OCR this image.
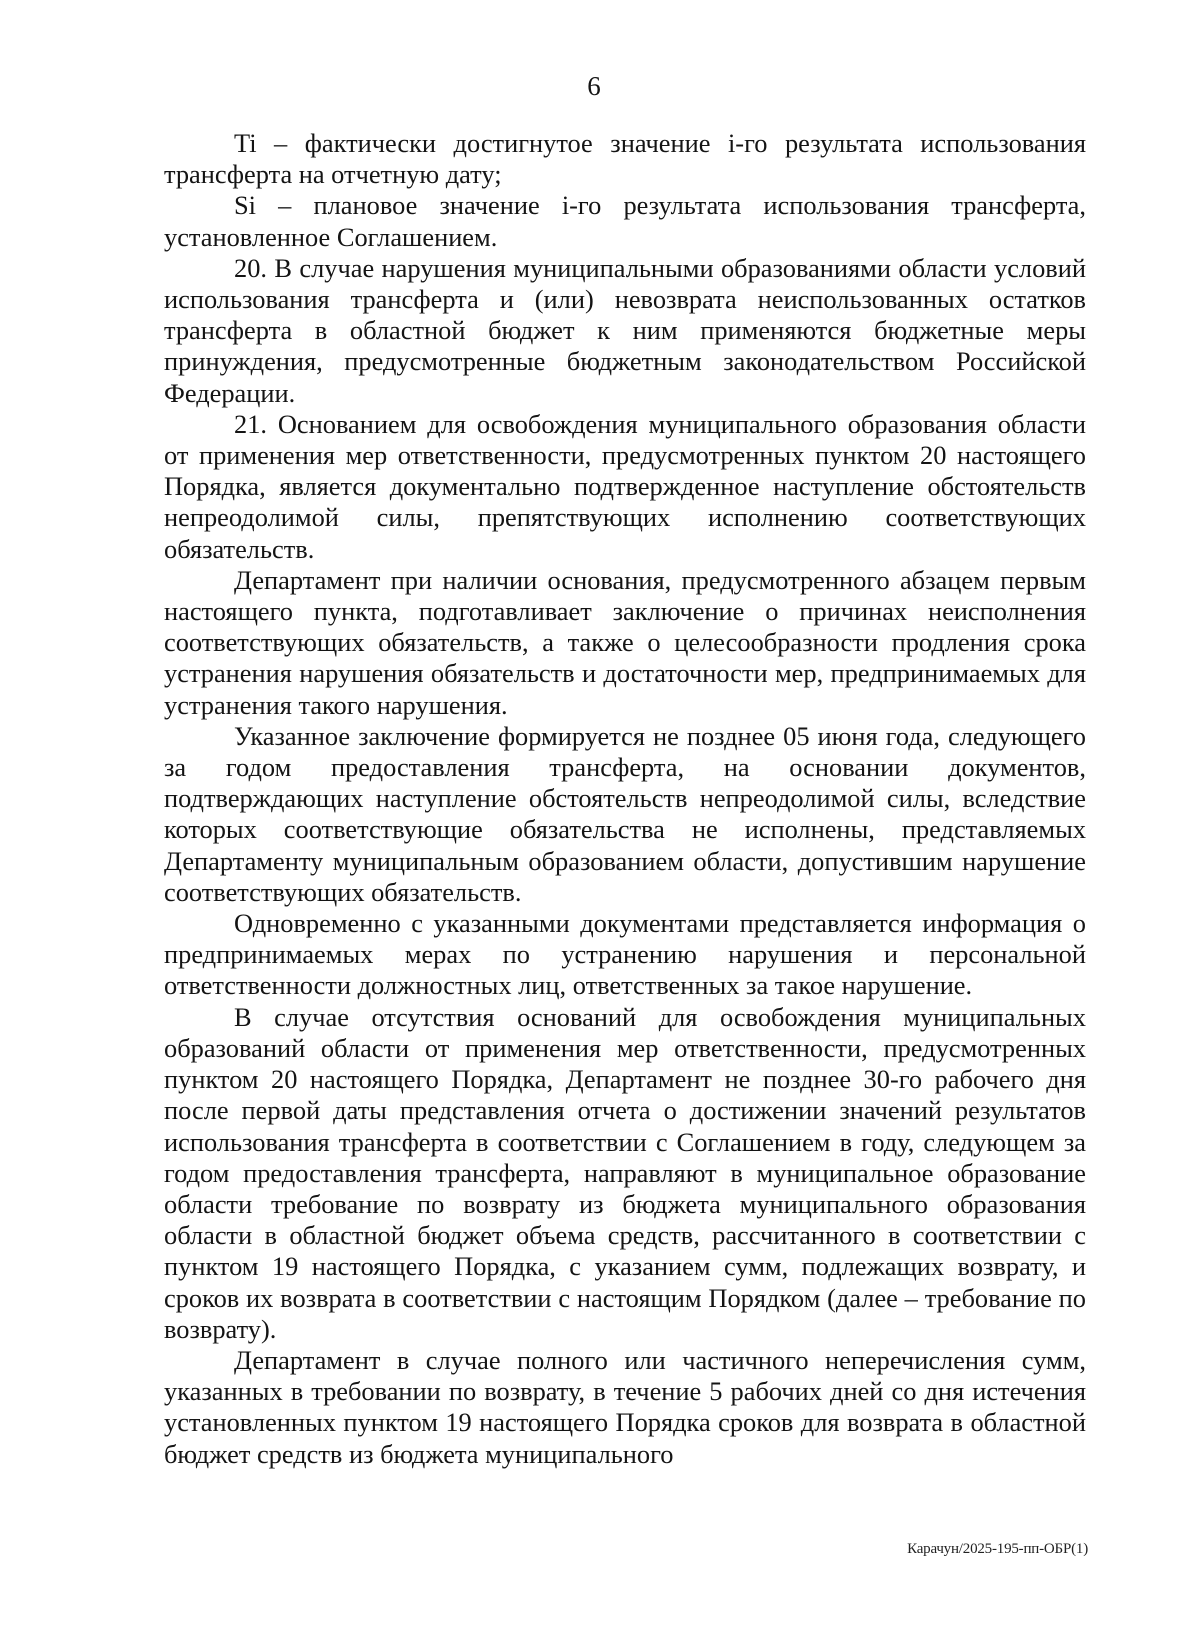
6

Ti – фактически достигнутое значение i-го результата использования трансферта на отчетную дату;

Si – плановое значение i-го результата использования трансферта, установленное Соглашением.

20. В случае нарушения муниципальными образованиями области условий использования трансферта и (или) невозврата неиспользованных остатков трансферта в областной бюджет к ним применяются бюджетные меры принуждения, предусмотренные бюджетным законодательством Российской Федерации.

21. Основанием для освобождения муниципального образования области от применения мер ответственности, предусмотренных пунктом 20 настоящего Порядка, является документально подтвержденное наступление обстоятельств непреодолимой силы, препятствующих исполнению соответствующих обязательств.

Департамент при наличии основания, предусмотренного абзацем первым настоящего пункта, подготавливает заключение о причинах неисполнения соответствующих обязательств, а также о целесообразности продления срока устранения нарушения обязательств и достаточности мер, предпринимаемых для устранения такого нарушения.

Указанное заключение формируется не позднее 05 июня года, следующего за годом предоставления трансферта, на основании документов, подтверждающих наступление обстоятельств непреодолимой силы, вследствие которых соответствующие обязательства не исполнены, представляемых Департаменту муниципальным образованием области, допустившим нарушение соответствующих обязательств.

Одновременно с указанными документами представляется информация о предпринимаемых мерах по устранению нарушения и персональной ответственности должностных лиц, ответственных за такое нарушение.

В случае отсутствия оснований для освобождения муниципальных образований области от применения мер ответственности, предусмотренных пунктом 20 настоящего Порядка, Департамент не позднее 30-го рабочего дня после первой даты представления отчета о достижении значений результатов использования трансферта в соответствии с Соглашением в году, следующем за годом предоставления трансферта, направляют в муниципальное образование области требование по возврату из бюджета муниципального образования области в областной бюджет объема средств, рассчитанного в соответствии с пунктом 19 настоящего Порядка, с указанием сумм, подлежащих возврату, и сроков их возврата в соответствии с настоящим Порядком (далее – требование по возврату).

Департамент в случае полного или частичного неперечисления сумм, указанных в требовании по возврату, в течение 5 рабочих дней со дня истечения установленных пунктом 19 настоящего Порядка сроков для возврата в областной бюджет средств из бюджета муниципального

Карачун/2025-195-пп-ОБР(1)
